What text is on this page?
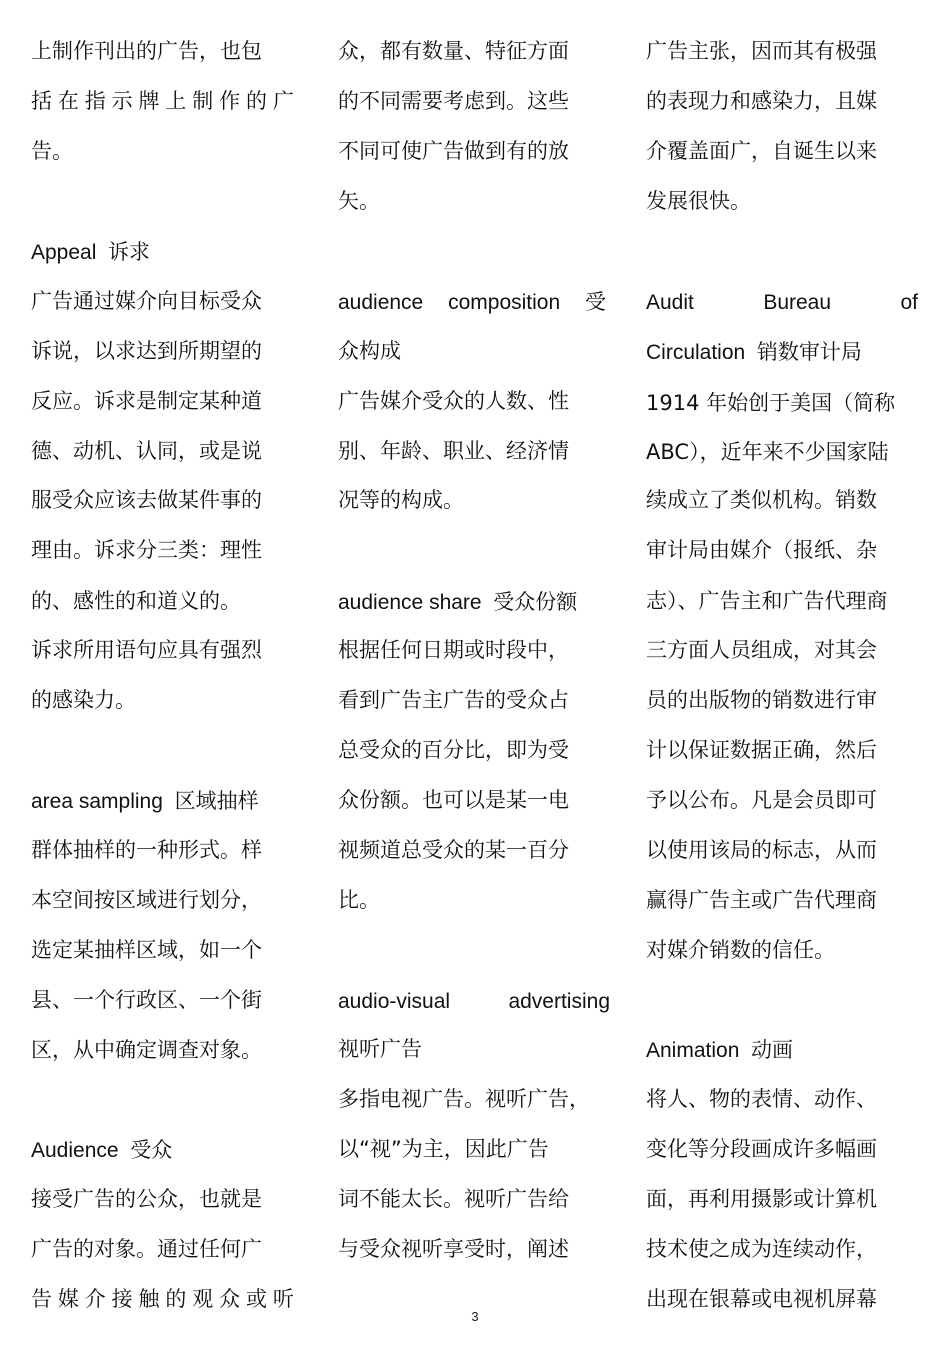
上制作刊出的广告，也包
括在指示牌上制作的广
告。
Appeal  诉求
广告通过媒介向目标受众
诉说，以求达到所期望的
反应。诉求是制定某种道
德、动机、认同，或是说
服受众应该去做某件事的
理由。诉求分三类：理性
的、感性的和道义的。
诉求所用语句应具有强烈
的感染力。
area sampling  区域抽样
群体抽样的一种形式。样
本空间按区域进行划分，
选定某抽样区域，如一个
县、一个行政区、一个街
区，从中确定调查对象。
Audience  受众
接受广告的公众，也就是
广告的对象。通过任何广
告媒介接触的观众或听
众，都有数量、特征方面
的不同需要考虑到。这些
不同可使广告做到有的放
矢。
audience composition 受
众构成
广告媒介受众的人数、性
别、年龄、职业、经济情
况等的构成。
audience share  受众份额
根据任何日期或时段中，
看到广告主广告的受众占
总受众的百分比，即为受
众份额。也可以是某一电
视频道总受众的某一百分
比。
audio-visual	advertising
视听广告
多指电视广告。视听广告，
以“视”为主，因此广告
词不能太长。视听广告给
与受众视听享受时，阐述
广告主张，因而其有极强
的表现力和感染力，且媒
介覆盖面广，自诞生以来
发展很快。
Audit	Bureau	of
Circulation  销数审计局
1914 年始创于美国（简称
ABC），近年来不少国家陆
续成立了类似机构。销数
审计局由媒介（报纸、杂
志）、广告主和广告代理商
三方面人员组成，对其会
员的出版物的销数进行审
计以保证数据正确，然后
予以公布。凡是会员即可
以使用该局的标志，从而
赢得广告主或广告代理商
对媒介销数的信任。
Animation  动画
将人、物的表情、动作、
变化等分段画成许多幅画
面，再利用摄影或计算机
技术使之成为连续动作，
出现在银幕或电视机屏幕
3
